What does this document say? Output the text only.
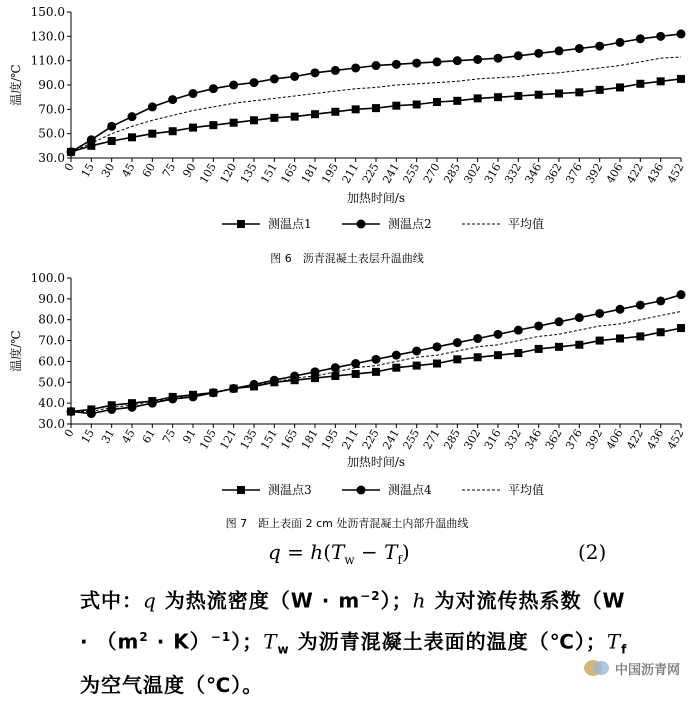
30.0
50.0
70.0
90.0
110.0
130.0
150.0
0 15 30 45 60 75 90
105
120
135
151
165
181
195
211
225
241
255
270
285
302
316
332
346
362
376
392
406
422
436
452
温度/℃
加热时间/s
测温点1	测温点2	平均值
图 6　沥青混凝土表层升温曲线
30.0
40.0
50.0
60.0
70.0
80.0
90.0
100.0
0 15 31 45 61 75 91
105
121
135
151
165
181
195
211
225
241
255
271
285
302
316
332
346
362
376
392
406
422
436
452
温度/℃
加热时间/s
测温点3	测温点4	平均值
图 7　距上表面 2 cm 处沥青混凝土内部升温曲线
$q = h(T_w - T_f)$	(2)
式中：q 为热流密度$(W \cdot m^{-2})$；h 为对流传热系数$(W \cdot (m^2 \cdot K)^{-1})$；$T_w$ 为沥青混凝土表面的温度（℃）；$T_f$ 为空气温度（℃）。
中国沥青网
